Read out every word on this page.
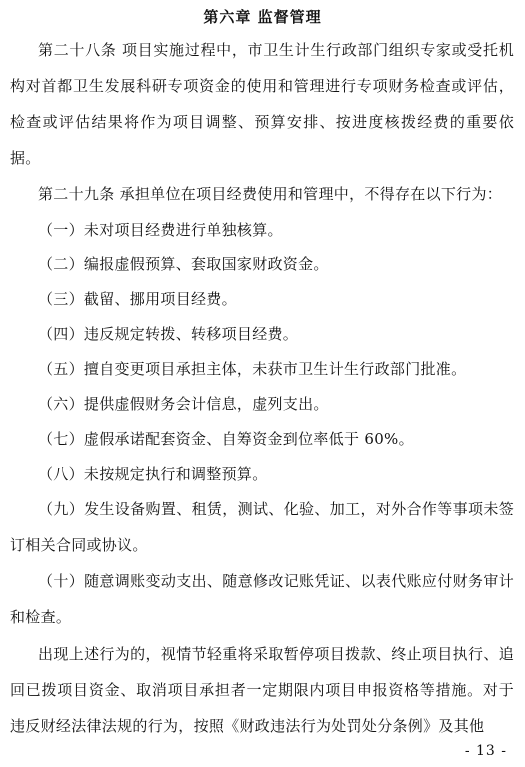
第六章 监督管理
第二十八条 项目实施过程中，市卫生计生行政部门组织专家或受托机构对首都卫生发展科研专项资金的使用和管理进行专项财务检查或评估，检查或评估结果将作为项目调整、预算安排、按进度核拨经费的重要依据。
第二十九条 承担单位在项目经费使用和管理中，不得存在以下行为：
（一）未对项目经费进行单独核算。
（二）编报虚假预算、套取国家财政资金。
（三）截留、挪用项目经费。
（四）违反规定转拨、转移项目经费。
（五）擅自变更项目承担主体，未获市卫生计生行政部门批准。
（六）提供虚假财务会计信息，虚列支出。
（七）虚假承诺配套资金、自筹资金到位率低于 60%。
（八）未按规定执行和调整预算。
（九）发生设备购置、租赁，测试、化验、加工，对外合作等事项未签订相关合同或协议。
（十）随意调账变动支出、随意修改记账凭证、以表代账应付财务审计和检查。
出现上述行为的，视情节轻重将采取暂停项目拨款、终止项目执行、追回已拨项目资金、取消项目承担者一定期限内项目申报资格等措施。对于违反财经法律法规的行为，按照《财政违法行为处罚处分条例》及其他
- 13 -
